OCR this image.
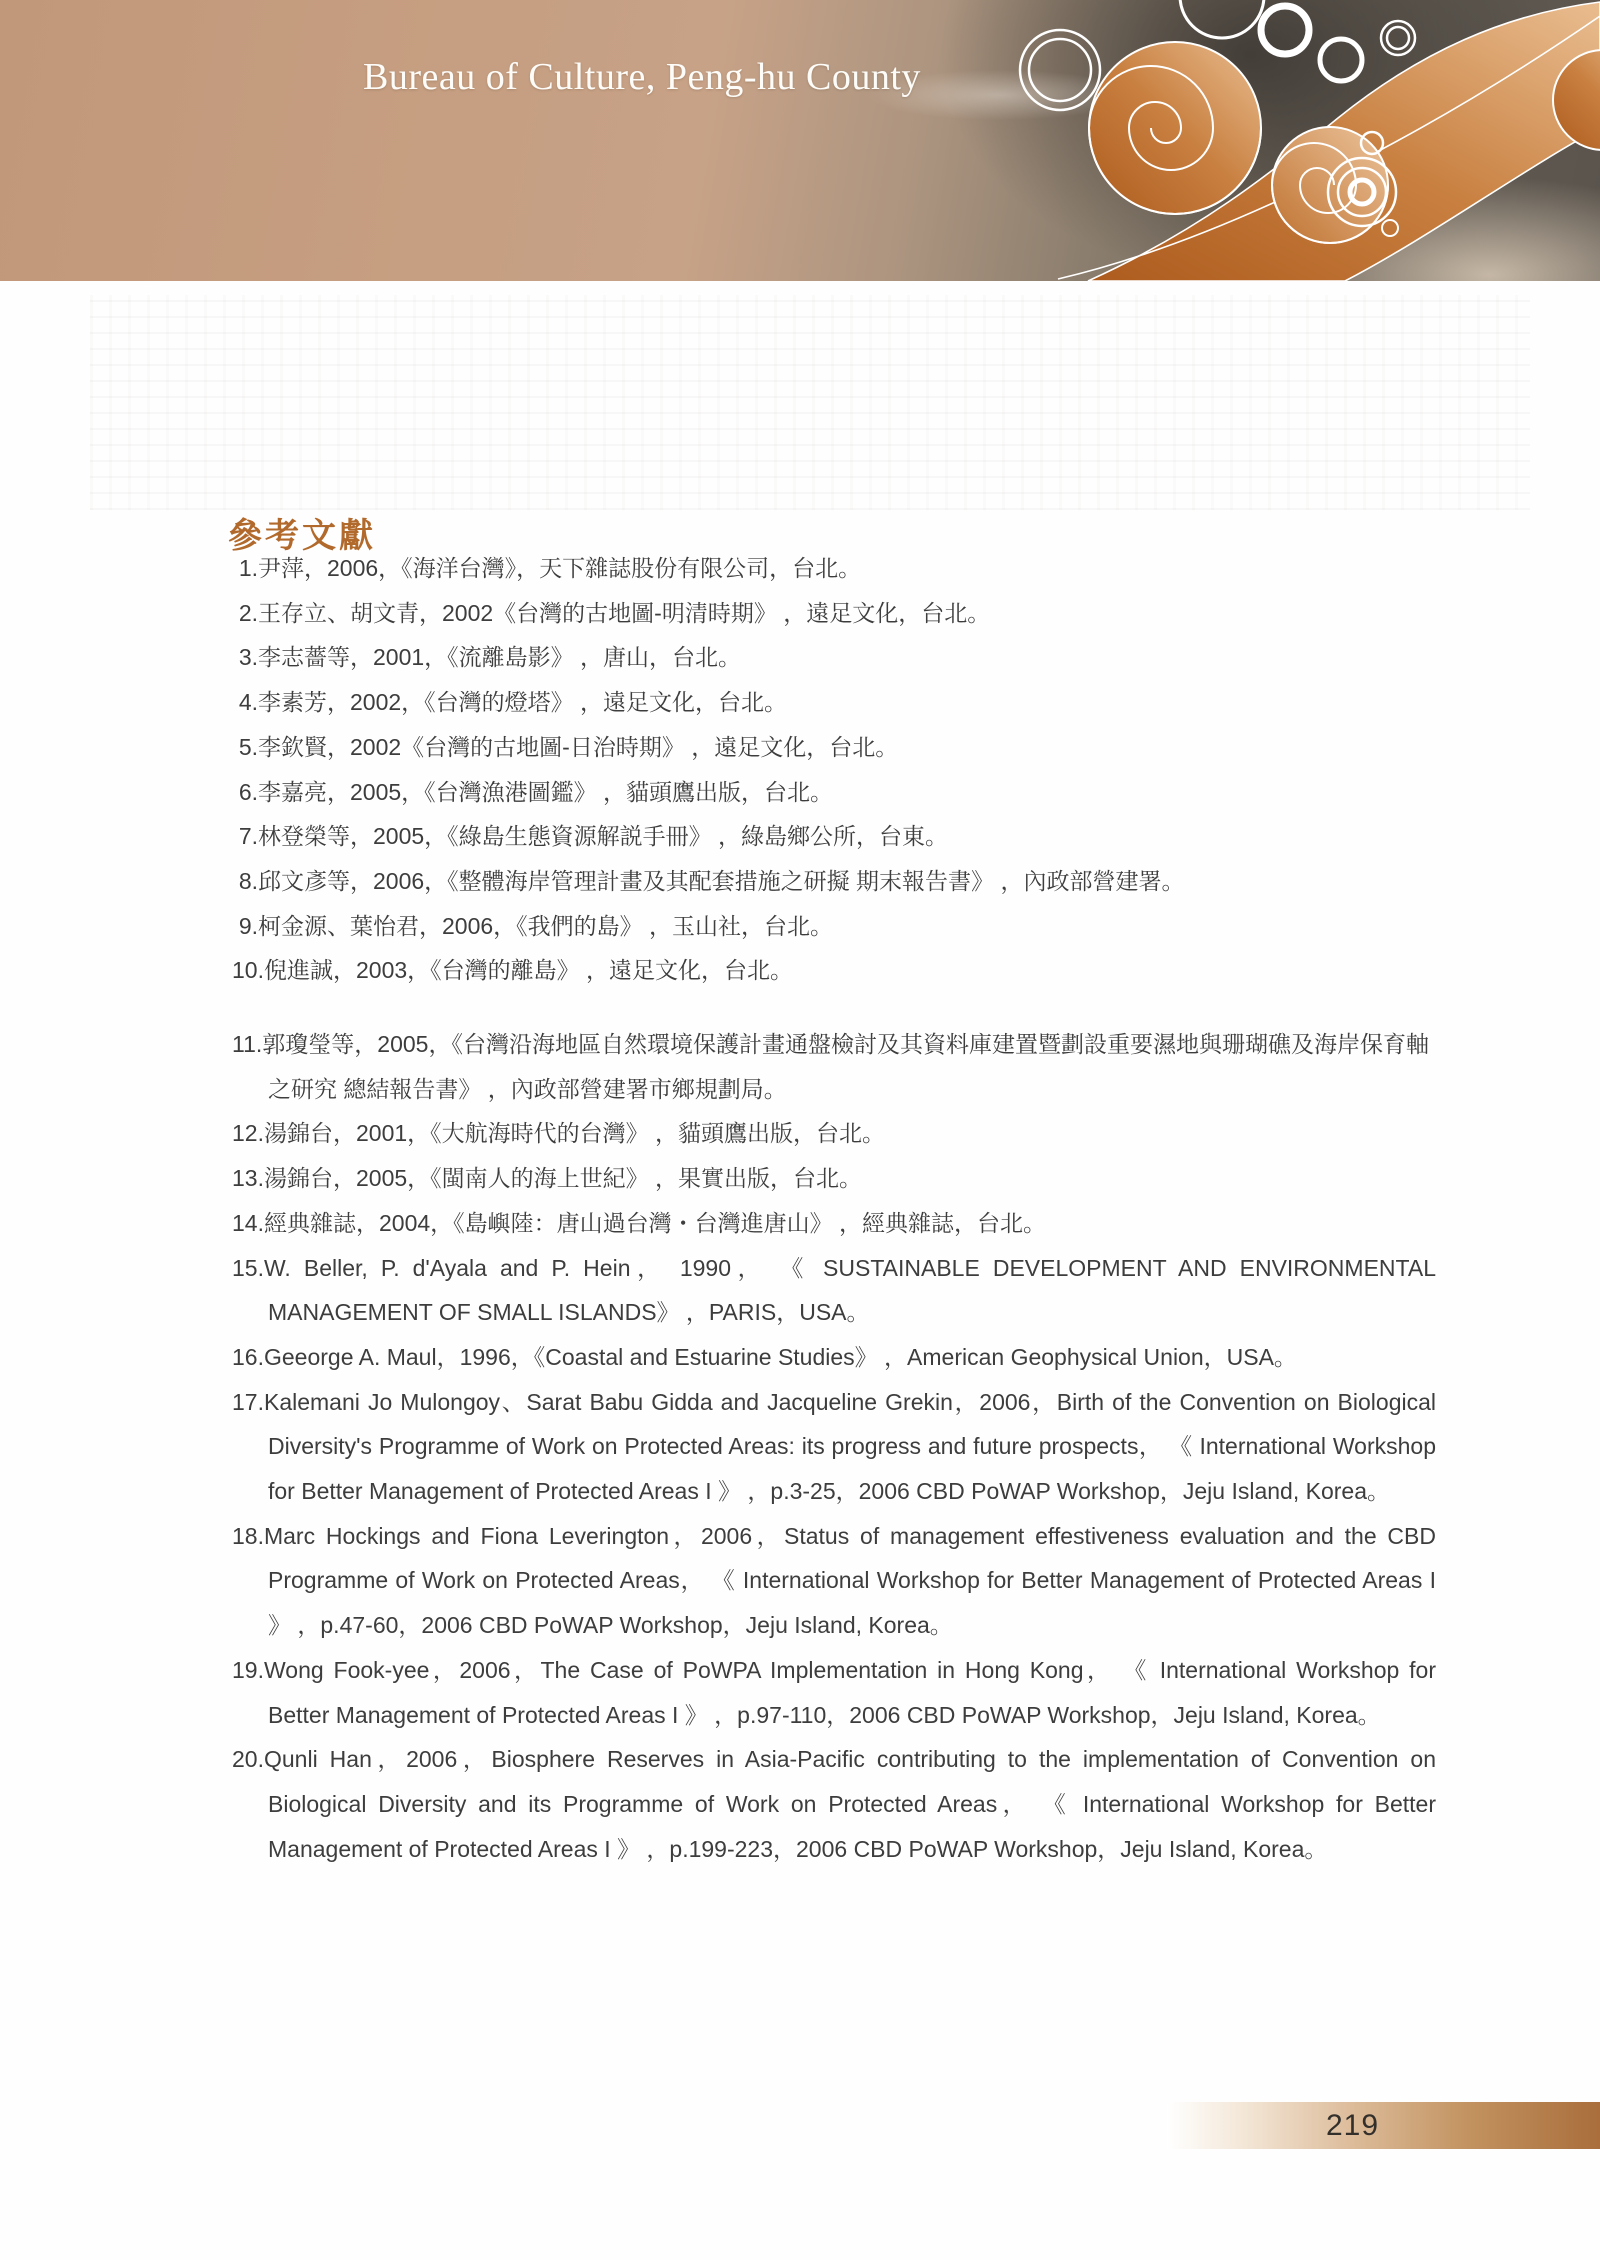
Bureau of Culture, Peng-hu County
參考文獻
1.尹萍，2006，《海洋台灣》，天下雜誌股份有限公司，台北。
2.王存立、胡文青，2002《台灣的古地圖-明清時期》 ，遠足文化，台北。
3.李志薔等，2001，《流離島影》 ，唐山，台北。
4.李素芳，2002，《台灣的燈塔》 ，遠足文化，台北。
5.李欽賢，2002《台灣的古地圖-日治時期》 ，遠足文化，台北。
6.李嘉亮，2005，《台灣漁港圖鑑》 ，貓頭鷹出版，台北。
7.林登榮等，2005，《綠島生態資源解説手冊》 ，綠島鄉公所，台東。
8.邱文彥等，2006，《整體海岸管理計畫及其配套措施之研擬 期末報告書》 ，內政部營建署。
9.柯金源、葉怡君，2006，《我們的島》 ，玉山社，台北。
10.倪進誠，2003，《台灣的離島》 ，遠足文化，台北。
11.郭瓊瑩等，2005，《台灣沿海地區自然環境保護計畫通盤檢討及其資料庫建置暨劃設重要濕地與珊瑚礁及海岸保育軸之研究 總結報告書》 ，內政部營建署市鄉規劃局。
12.湯錦台，2001，《大航海時代的台灣》 ，貓頭鷹出版，台北。
13.湯錦台，2005，《閩南人的海上世紀》 ，果實出版，台北。
14.經典雜誌，2004，《島嶼陸：唐山過台灣・台灣進唐山》 ，經典雜誌，台北。
15.W. Beller, P. d'Ayala and P. Hein， 1990， 《 SUSTAINABLE DEVELOPMENT AND ENVIRONMENTAL MANAGEMENT OF SMALL ISLANDS》 ，PARIS，USA。
16.Geeorge A. Maul，1996，《Coastal and Estuarine Studies》 ，American Geophysical Union，USA。
17.Kalemani Jo Mulongoy、Sarat Babu Gidda and Jacqueline Grekin，2006，Birth of the Convention on Biological Diversity's Programme of Work on Protected Areas: its progress and future prospects， 《 International Workshop for Better Management of Protected Areas I 》 ，p.3-25，2006 CBD PoWAP Workshop，Jeju Island, Korea。
18.Marc Hockings and Fiona Leverington，2006，Status of management effestiveness evaluation and the CBD Programme of Work on Protected Areas， 《 International Workshop for Better Management of Protected Areas I 》 ，p.47-60，2006 CBD PoWAP Workshop，Jeju Island, Korea。
19.Wong Fook-yee，2006，The Case of PoWPA Implementation in Hong Kong， 《 International Workshop for Better Management of Protected Areas I 》 ，p.97-110，2006 CBD PoWAP Workshop，Jeju Island, Korea。
20.Qunli Han，2006，Biosphere Reserves in Asia-Pacific contributing to the implementation of Convention on Biological Diversity and its Programme of Work on Protected Areas， 《 International Workshop for Better Management of Protected Areas I 》 ，p.199-223，2006 CBD PoWAP Workshop，Jeju Island, Korea。
219
